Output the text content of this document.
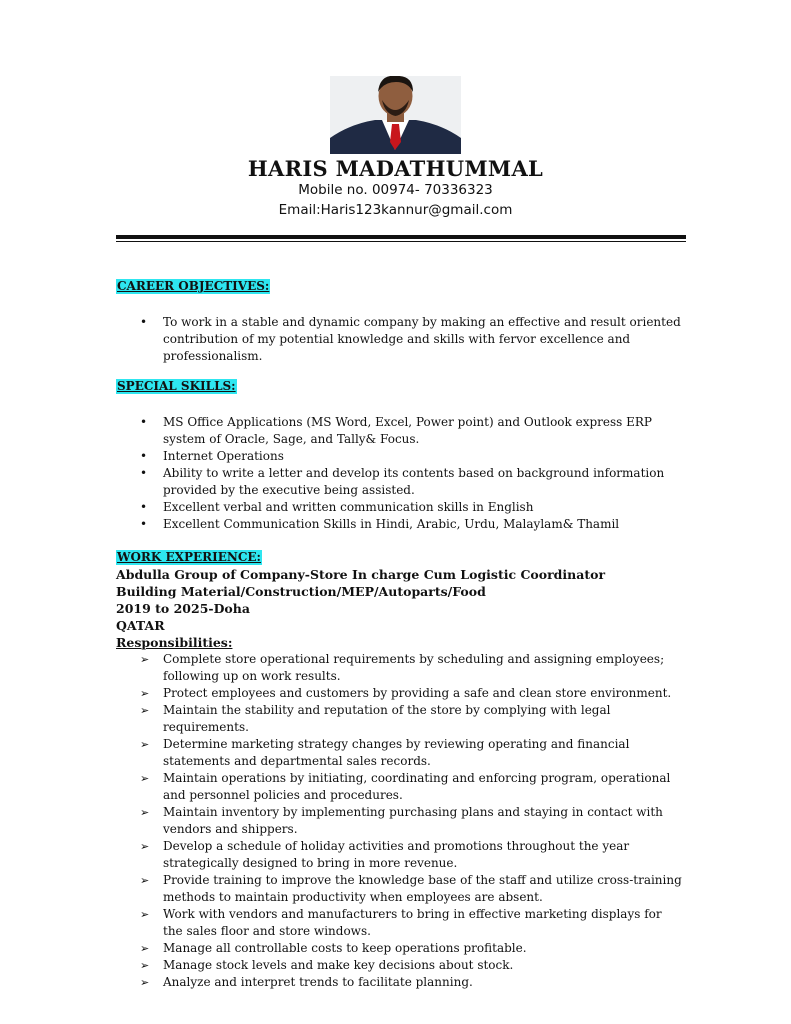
HARIS MADATHUMMAL
Mobile no. 00974- 70336323
Email:Haris123kannur@gmail.com
CAREER OBJECTIVES:
• To work in a stable and dynamic company by making an effective and result oriented contribution of my potential knowledge and skills with fervor excellence and professionalism.
SPECIAL SKILLS:
• MS Office Applications (MS Word, Excel, Power point) and Outlook express ERP system of Oracle, Sage, and Tally& Focus.
• Internet Operations
• Ability to write a letter and develop its contents based on background information provided by the executive being assisted.
• Excellent verbal and written communication skills in English
• Excellent Communication Skills in Hindi, Arabic, Urdu, Malaylam& Thamil
WORK EXPERIENCE:
Abdulla Group of Company-Store In charge Cum Logistic Coordinator
Building Material/Construction/MEP/Autoparts/Food
2019 to 2025-Doha
QATAR
Responsibilities:
➢ Complete store operational requirements by scheduling and assigning employees; following up on work results.
➢ Protect employees and customers by providing a safe and clean store environment.
➢ Maintain the stability and reputation of the store by complying with legal requirements.
➢ Determine marketing strategy changes by reviewing operating and financial statements and departmental sales records.
➢ Maintain operations by initiating, coordinating and enforcing program, operational and personnel policies and procedures.
➢ Maintain inventory by implementing purchasing plans and staying in contact with vendors and shippers.
➢ Develop a schedule of holiday activities and promotions throughout the year strategically designed to bring in more revenue.
➢ Provide training to improve the knowledge base of the staff and utilize cross-training methods to maintain productivity when employees are absent.
➢ Work with vendors and manufacturers to bring in effective marketing displays for the sales floor and store windows.
➢ Manage all controllable costs to keep operations profitable.
➢ Manage stock levels and make key decisions about stock.
➢ Analyze and interpret trends to facilitate planning.
